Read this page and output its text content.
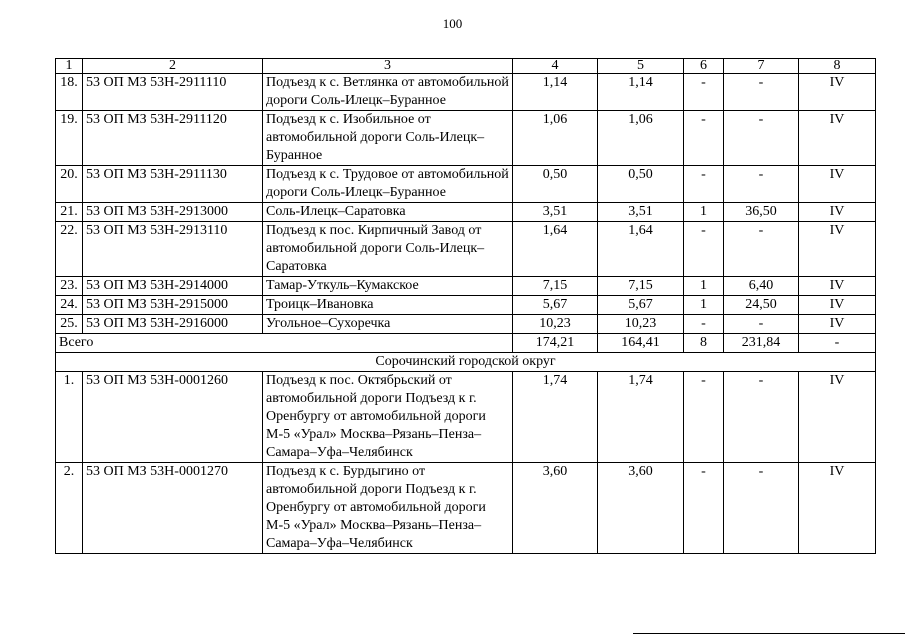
100
1	2	3	4	5	6	7	8
18.	53 ОП МЗ 53Н-2911110	Подъезд к с. Ветлянка от автомобильной дороги Соль-Илецк–Буранное	1,14	1,14	-	-	IV
19.	53 ОП МЗ 53Н-2911120	Подъезд к с. Изобильное от автомобильной дороги Соль-Илецк–Буранное	1,06	1,06	-	-	IV
20.	53 ОП МЗ 53Н-2911130	Подъезд к с. Трудовое от автомобильной дороги Соль-Илецк–Буранное	0,50	0,50	-	-	IV
21.	53 ОП МЗ 53Н-2913000	Соль-Илецк–Саратовка	3,51	3,51	1	36,50	IV
22.	53 ОП МЗ 53Н-2913110	Подъезд к пос. Кирпичный Завод от автомобильной дороги Соль-Илецк–Саратовка	1,64	1,64	-	-	IV
23.	53 ОП МЗ 53Н-2914000	Тамар-Уткуль–Кумакское	7,15	7,15	1	6,40	IV
24.	53 ОП МЗ 53Н-2915000	Троицк–Ивановка	5,67	5,67	1	24,50	IV
25.	53 ОП МЗ 53Н-2916000	Угольное–Сухоречка	10,23	10,23	-	-	IV
Всего			174,21	164,41	8	231,84	-
Сорочинский городской округ							
1.	53 ОП МЗ 53Н-0001260	Подъезд к пос. Октябрьский от автомобильной дороги Подъезд к г. Оренбургу от автомобильной дороги М-5 «Урал» Москва–Рязань–Пенза–Самара–Уфа–Челябинск	1,74	1,74	-	-	IV
2.	53 ОП МЗ 53Н-0001270	Подъезд к с. Бурдыгино от автомобильной дороги Подъезд к г. Оренбургу от автомобильной дороги М-5 «Урал» Москва–Рязань–Пенза–Самара–Уфа–Челябинск	3,60	3,60	-	-	IV
